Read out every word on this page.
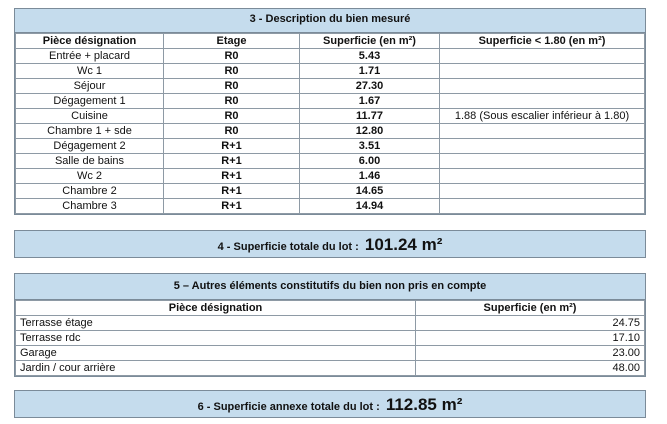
3 - Description du bien mesuré
Pièce désignation	Etage	Superficie (en m²)	Superficie < 1.80 (en m²)
Entrée + placard	R0	5.43	
Wc 1	R0	1.71	
Séjour	R0	27.30	
Dégagement 1	R0	1.67	
Cuisine	R0	11.77	1.88 (Sous escalier inférieur à 1.80)
Chambre 1 + sde	R0	12.80	
Dégagement 2	R+1	3.51	
Salle de bains	R+1	6.00	
Wc 2	R+1	1.46	
Chambre 2	R+1	14.65	
Chambre 3	R+1	14.94	
4 - Superficie totale du lot : 101.24 m²
5 – Autres éléments constitutifs du bien non pris en compte
Pièce désignation	Superficie (en m²)
Terrasse étage	24.75
Terrasse rdc	17.10
Garage	23.00
Jardin / cour arrière	48.00
6 - Superficie annexe totale du lot : 112.85 m²
